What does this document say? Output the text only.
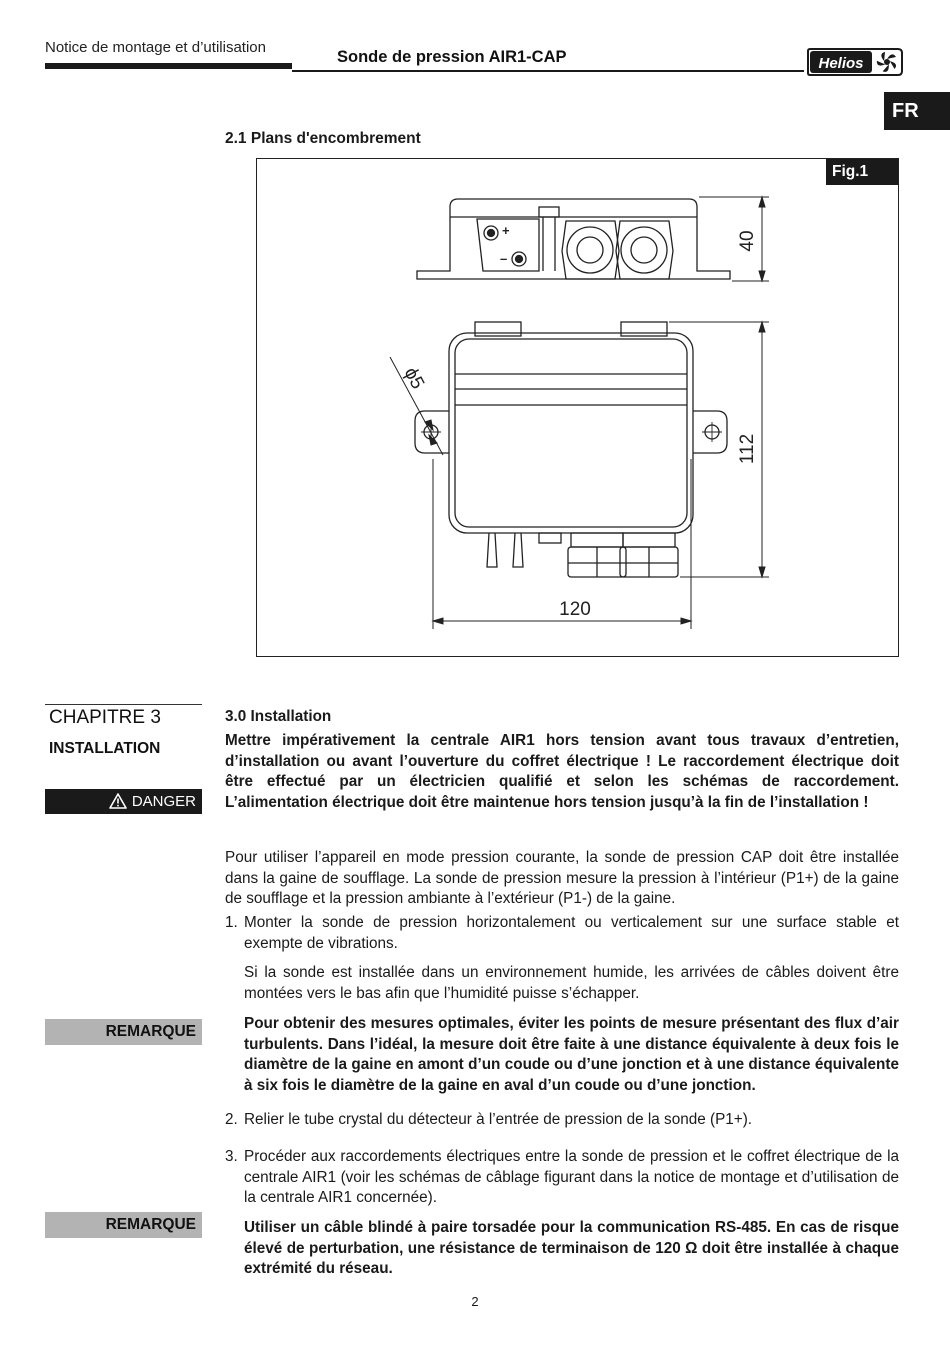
Notice de montage et d’utilisation
Sonde de pression AIR1-CAP	Helios
FR
2.1 Plans d'encombrement
+
–
40
ϕ5
112
120
Fig.1
CHAPITRE 3
INSTALLATION
DANGER
REMARQUE
REMARQUE
3.0 Installation
Mettre impérativement la centrale AIR1 hors tension avant tous travaux d’entretien, d’installation ou avant l’ouverture du coffret électrique ! Le raccordement électrique doit être effectué par un électricien qualifié et selon les schémas de raccordement. L’alimentation électrique doit être maintenue hors tension jusqu’à la fin de l’installation !
Pour utiliser l’appareil en mode pression courante, la sonde de pression CAP doit être installée dans la gaine de soufflage. La sonde de pression mesure la pression à l’intérieur (P1+) de la gaine de soufflage et la pression ambiante à l’extérieur (P1-) de la gaine.
1. Monter la sonde de pression horizontalement ou verticalement sur une surface stable et exempte de vibrations.
Si la sonde est installée dans un environnement humide, les arrivées de câbles doivent être montées vers le bas afin que l’humidité puisse s’échapper.
Pour obtenir des mesures optimales, éviter les points de mesure présentant des flux d’air turbulents. Dans l’idéal, la mesure doit être faite à une distance équivalente à deux fois le diamètre de la gaine en amont d’un coude ou d’une jonction et à une distance équivalente à six fois le diamètre de la gaine en aval d’un coude ou d’une jonction.
2. Relier le tube crystal du détecteur à l’entrée de pression de la sonde (P1+).
3. Procéder aux raccordements électriques entre la sonde de pression et le coffret électrique de la centrale AIR1 (voir les schémas de câblage figurant dans la notice de montage et d’utilisation de la centrale AIR1 concernée).
Utiliser un câble blindé à paire torsadée pour la communication RS-485. En cas de risque élevé de perturbation, une résistance de terminaison de 120 Ω doit être installée à chaque extrémité du réseau.
2
